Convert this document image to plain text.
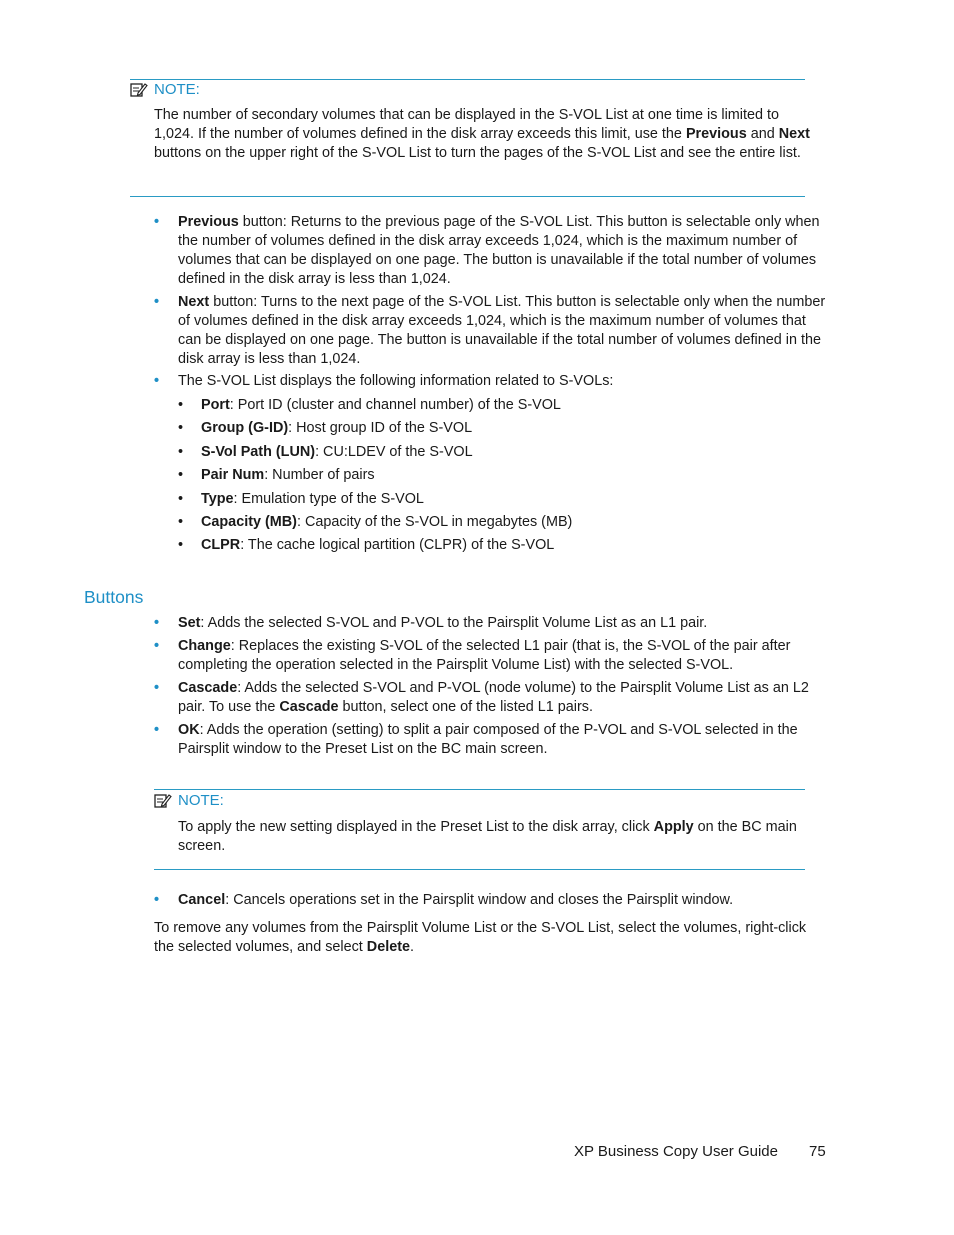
NOTE:
The number of secondary volumes that can be displayed in the S-VOL List at one time is limited to 1,024. If the number of volumes defined in the disk array exceeds this limit, use the Previous and Next buttons on the upper right of the S-VOL List to turn the pages of the S-VOL List and see the entire list.
• Previous button: Returns to the previous page of the S-VOL List. This button is selectable only when the number of volumes defined in the disk array exceeds 1,024, which is the maximum number of volumes that can be displayed on one page. The button is unavailable if the total number of volumes defined in the disk array is less than 1,024.
• Next button: Turns to the next page of the S-VOL List. This button is selectable only when the number of volumes defined in the disk array exceeds 1,024, which is the maximum number of volumes that can be displayed on one page. The button is unavailable if the total number of volumes defined in the disk array is less than 1,024.
• The S-VOL List displays the following information related to S-VOLs:
• Port: Port ID (cluster and channel number) of the S-VOL
• Group (G-ID): Host group ID of the S-VOL
• S-Vol Path (LUN): CU:LDEV of the S-VOL
• Pair Num: Number of pairs
• Type: Emulation type of the S-VOL
• Capacity (MB): Capacity of the S-VOL in megabytes (MB)
• CLPR: The cache logical partition (CLPR) of the S-VOL
Buttons
• Set: Adds the selected S-VOL and P-VOL to the Pairsplit Volume List as an L1 pair.
• Change: Replaces the existing S-VOL of the selected L1 pair (that is, the S-VOL of the pair after completing the operation selected in the Pairsplit Volume List) with the selected S-VOL.
• Cascade: Adds the selected S-VOL and P-VOL (node volume) to the Pairsplit Volume List as an L2 pair. To use the Cascade button, select one of the listed L1 pairs.
• OK: Adds the operation (setting) to split a pair composed of the P-VOL and S-VOL selected in the Pairsplit window to the Preset List on the BC main screen.
NOTE:
To apply the new setting displayed in the Preset List to the disk array, click Apply on the BC main screen.
• Cancel: Cancels operations set in the Pairsplit window and closes the Pairsplit window.
To remove any volumes from the Pairsplit Volume List or the S-VOL List, select the volumes, right-click the selected volumes, and select Delete.
XP Business Copy User Guide 75
